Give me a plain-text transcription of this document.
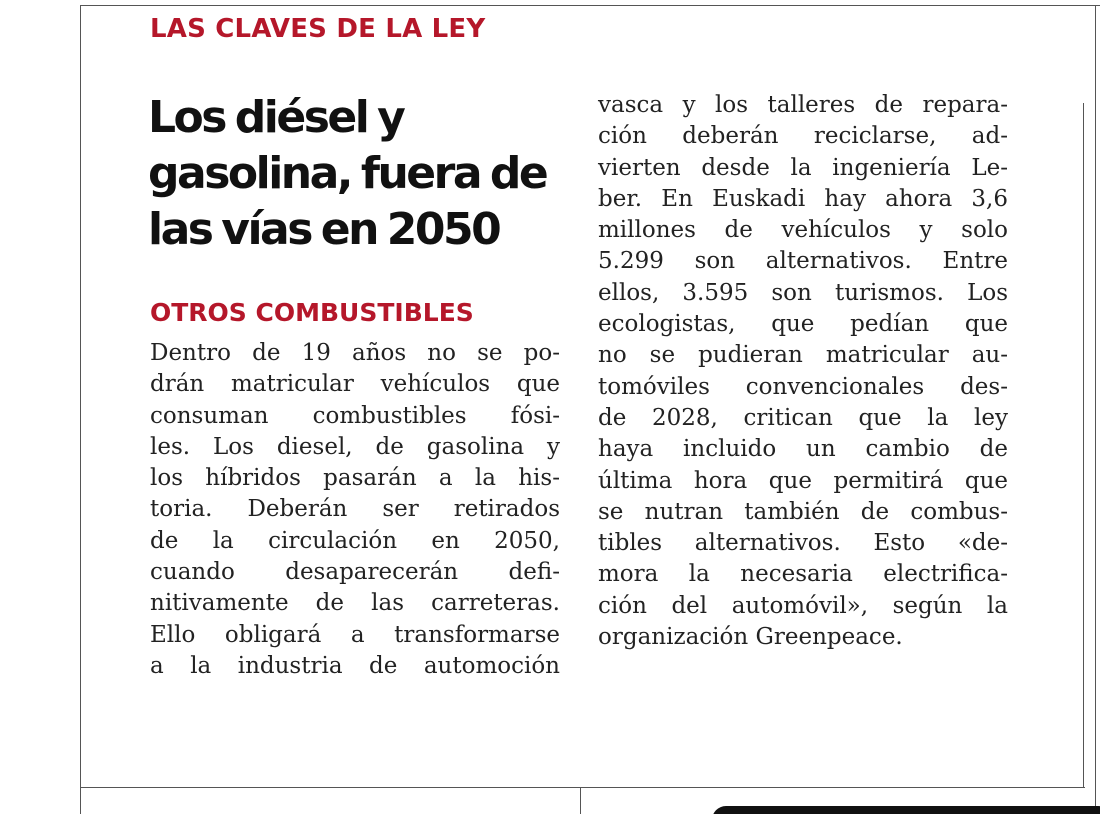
LAS CLAVES DE LA LEY
Los diésel y
gasolina, fuera de
las vías en 2050
OTROS COMBUSTIBLES
Dentro de 19 años no se po-
drán matricular vehículos que
consuman combustibles fósi-
les. Los diesel, de gasolina y
los híbridos pasarán a la his-
toria. Deberán ser retirados
de la circulación en 2050,
cuando desaparecerán defi-
nitivamente de las carreteras.
Ello obligará a transformarse
a la industria de automoción
vasca y los talleres de repara-
ción deberán reciclarse, ad-
vierten desde la ingeniería Le-
ber. En Euskadi hay ahora 3,6
millones de vehículos y solo
5.299 son alternativos. Entre
ellos, 3.595 son turismos. Los
ecologistas, que pedían que
no se pudieran matricular au-
tomóviles convencionales des-
de 2028, critican que la ley
haya incluido un cambio de
última hora que permitirá que
se nutran también de combus-
tibles alternativos. Esto «de-
mora la necesaria electrifica-
ción del automóvil», según la
organización Greenpeace.
